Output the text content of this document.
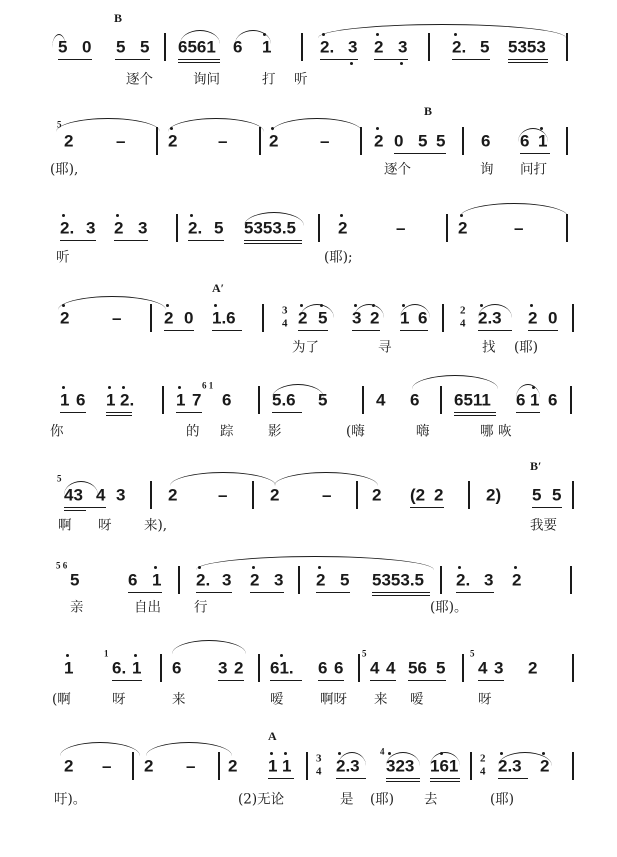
B
5 0 5 5 6561 6 1	2. 3 2 3	2. 5 5353
逐个	询问	打 听
B
5
2	–	2 – 2 –	2 0 5 5 6 6 1
(耶),	逐个	询 问打
2. 3 2 3 2. 5 5353.5 2	–	2	–
听	(耶);
A′
2	–	2 0 1.6	3
4 2 5 3 2 1 6	2
4 2.3 2 0
为了	寻	找 (耶)
1 6 1 2. 1 7
6 1
6 5.6 5	4 6 6511 6 1 6
你	的 踪	影	(嗨	嗨	哪 咴
B′
5
43 4 3	2 –	2	– 2 (2 2	2) 5 5
啊 呀 来),	我要
5 6
5	6 1 2. 3 2 3 2 5 5353.5 2. 3 2
亲	自出 行	(耶)。
1
1
6. 1 6 3 2 61. 6 6
5
4 4 56 5
5
4 3 2
(啊	呀	来	嗳	啊呀 来 嗳	呀
A
2 – 2 – 2 1 1 3
4 2.3
4
323 161 2
4 2.3 2
吁)。	(2)无论	是 (耶) 去	(耶)
